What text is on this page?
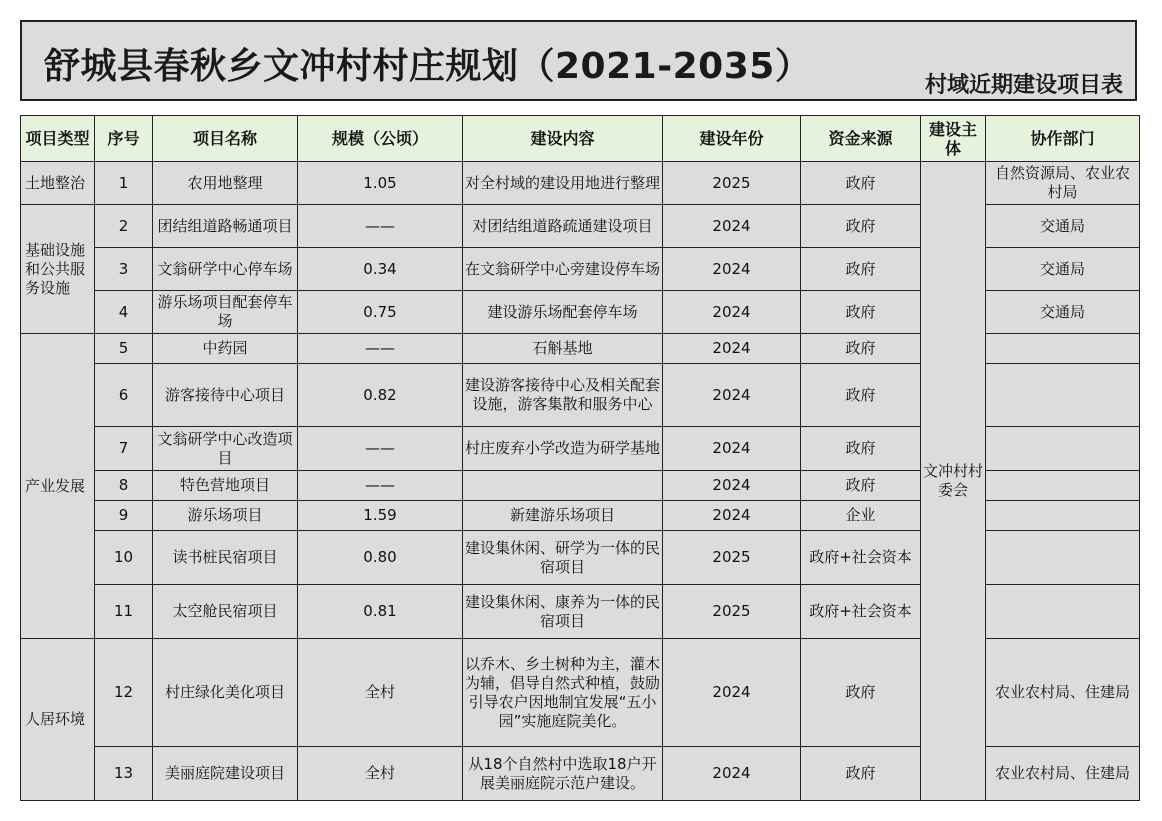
舒城县春秋乡文冲村村庄规划（2021-2035）	村域近期建设项目表
项目类型	序号	项目名称	规模（公顷）	建设内容	建设年份	资金来源	建设主体	协作部门
土地整治	1	农用地整理	1.05	对全村域的建设用地进行整理	2025	政府	文冲村村委会	自然资源局、农业农村局
基础设施和公共服务设施	2	团结组道路畅通项目	——	对团结组道路疏通建设项目	2024	政府		交通局
	3	文翁研学中心停车场	0.34	在文翁研学中心旁建设停车场	2024	政府		交通局
	4	游乐场项目配套停车场	0.75	建设游乐场配套停车场	2024	政府		交通局
产业发展	5	中药园	——	石斛基地	2024	政府		
	6	游客接待中心项目	0.82	建设游客接待中心及相关配套设施，游客集散和服务中心	2024	政府		
	7	文翁研学中心改造项目	——	村庄废弃小学改造为研学基地	2024	政府		
	8	特色营地项目	——		2024	政府		
	9	游乐场项目	1.59	新建游乐场项目	2024	企业		
	10	读书桩民宿项目	0.80	建设集休闲、研学为一体的民宿项目	2025	政府+社会资本		
	11	太空舱民宿项目	0.81	建设集休闲、康养为一体的民宿项目	2025	政府+社会资本		
人居环境	12	村庄绿化美化项目	全村	以乔木、乡土树种为主，灌木为辅，倡导自然式种植，鼓励引导农户因地制宜发展“五小园”实施庭院美化。	2024	政府		农业农村局、住建局
	13	美丽庭院建设项目	全村	从18个自然村中选取18户开展美丽庭院示范户建设。	2024	政府		农业农村局、住建局
